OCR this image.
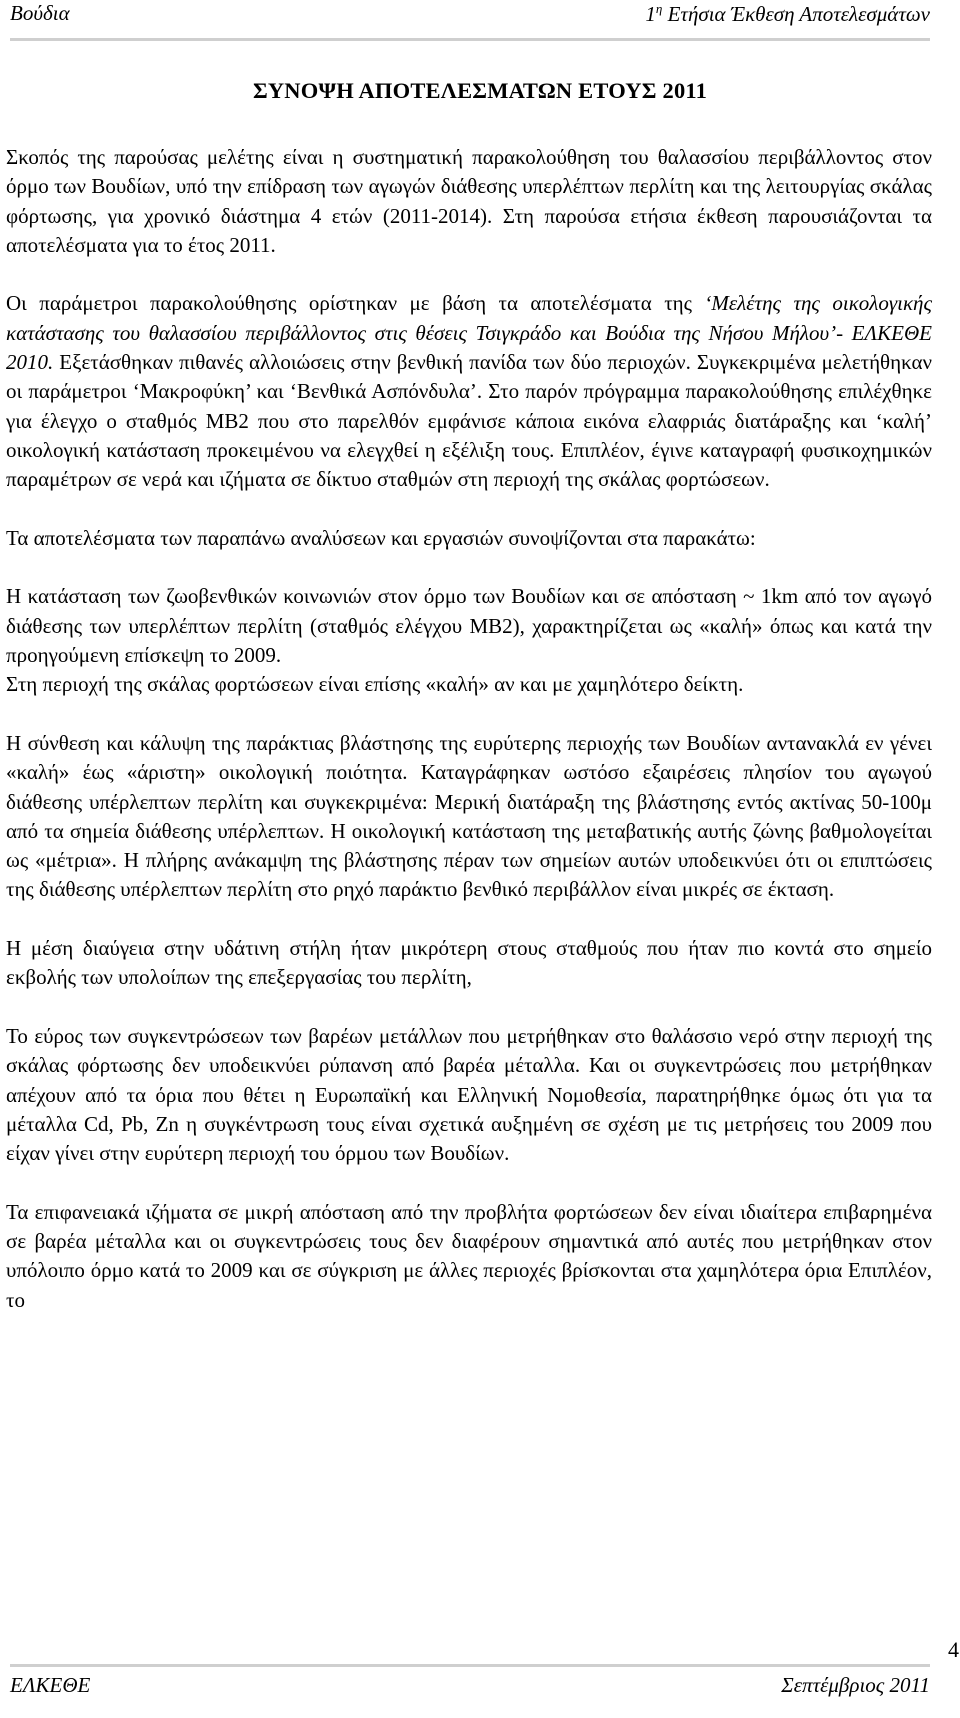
Βούδια	$1^\eta$ Ετήσια Έκθεση Αποτελεσμάτων
ΣΥΝΟΨΗ ΑΠΟΤΕΛΕΣΜΑΤΩΝ ΕΤΟΥΣ 2011

Σκοπός της παρούσας μελέτης είναι η συστηματική παρακολούθηση του θαλασσίου περιβάλλοντος στον όρμο των Βουδίων, υπό την επίδραση των αγωγών διάθεσης υπερλέπτων περλίτη και της λειτουργίας σκάλας φόρτωσης, για χρονικό διάστημα 4 ετών (2011-2014). Στη παρούσα ετήσια έκθεση παρουσιάζονται τα αποτελέσματα για το έτος 2011.

Οι παράμετροι παρακολούθησης ορίστηκαν με βάση τα αποτελέσματα της ‘Μελέτης της οικολογικής κατάστασης του θαλασσίου περιβάλλοντος στις θέσεις Τσιγκράδο και Βούδια της Νήσου Μήλου’- ΕΛΚΕΘΕ 2010. Εξετάσθηκαν πιθανές αλλοιώσεις στην βενθική πανίδα των δύο περιοχών. Συγκεκριμένα μελετήθηκαν οι παράμετροι ‘Μακροφύκη’ και ‘Βενθικά Ασπόνδυλα’. Στο παρόν πρόγραμμα παρακολούθησης επιλέχθηκε για έλεγχο ο σταθμός ΜΒ2 που στο παρελθόν εμφάνισε κάποια εικόνα ελαφριάς διατάραξης και ‘καλή’ οικολογική κατάσταση προκειμένου να ελεγχθεί η εξέλιξη τους. Επιπλέον, έγινε καταγραφή φυσικοχημικών παραμέτρων σε νερά και ιζήματα σε δίκτυο σταθμών στη περιοχή της σκάλας φορτώσεων.

Τα αποτελέσματα των παραπάνω αναλύσεων και εργασιών συνοψίζονται στα παρακάτω:

Η κατάσταση των ζωοβενθικών κοινωνιών στον όρμο των Βουδίων και σε απόσταση ~ 1km από τον αγωγό διάθεσης των υπερλέπτων περλίτη (σταθμός ελέγχου ΜΒ2), χαρακτηρίζεται ως «καλή» όπως και κατά την προηγούμενη επίσκεψη το 2009.

Στη περιοχή της σκάλας φορτώσεων είναι επίσης «καλή» αν και με χαμηλότερο δείκτη.

Η σύνθεση και κάλυψη της παράκτιας βλάστησης της ευρύτερης περιοχής των Βουδίων αντανακλά εν γένει «καλή» έως «άριστη» οικολογική ποιότητα. Καταγράφηκαν ωστόσο εξαιρέσεις πλησίον του αγωγού διάθεσης υπέρλεπτων περλίτη και συγκεκριμένα: Μερική διατάραξη της βλάστησης εντός ακτίνας 50-100μ από τα σημεία διάθεσης υπέρλεπτων. Η οικολογική κατάσταση της μεταβατικής αυτής ζώνης βαθμολογείται ως «μέτρια». Η πλήρης ανάκαμψη της βλάστησης πέραν των σημείων αυτών υποδεικνύει ότι οι επιπτώσεις της διάθεσης υπέρλεπτων περλίτη στο ρηχό παράκτιο βενθικό περιβάλλον είναι μικρές σε έκταση.

Η μέση διαύγεια στην υδάτινη στήλη ήταν μικρότερη στους σταθμούς που ήταν πιο κοντά στο σημείο εκβολής των υπολοίπων της επεξεργασίας του περλίτη,

Το εύρος των συγκεντρώσεων των βαρέων μετάλλων που μετρήθηκαν στο θαλάσσιο νερό στην περιοχή της σκάλας φόρτωσης δεν υποδεικνύει ρύπανση από βαρέα μέταλλα. Και οι συγκεντρώσεις που μετρήθηκαν απέχουν από τα όρια που θέτει η Ευρωπαϊκή και Ελληνική Νομοθεσία, παρατηρήθηκε όμως ότι για τα μέταλλα Cd, Pb, Zn η συγκέντρωση τους είναι σχετικά αυξημένη σε σχέση με τις μετρήσεις του 2009 που είχαν γίνει στην ευρύτερη περιοχή του όρμου των Βουδίων.

Τα επιφανειακά ιζήματα σε μικρή απόσταση από την προβλήτα φορτώσεων δεν είναι ιδιαίτερα επιβαρημένα σε βαρέα μέταλλα και οι συγκεντρώσεις τους δεν διαφέρουν σημαντικά από αυτές που μετρήθηκαν στον υπόλοιπο όρμο κατά το 2009 και σε σύγκριση με άλλες περιοχές βρίσκονται στα χαμηλότερα όρια Επιπλέον, το

4
ΕΛΚΕΘΕ	Σεπτέμβριος 2011
